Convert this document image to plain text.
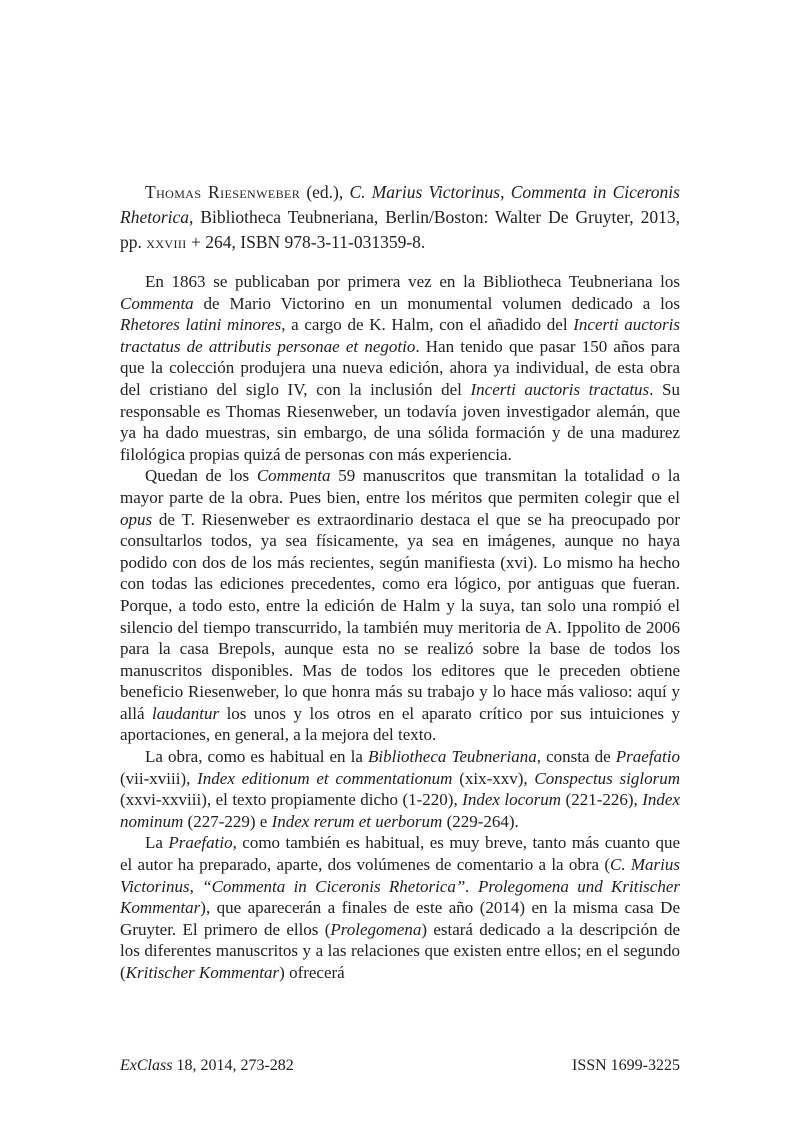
Thomas Riesenweber (ed.), C. Marius Victorinus, Commenta in Ciceronis Rhetorica, Bibliotheca Teubneriana, Berlin/Boston: Walter De Gruyter, 2013, pp. xxviii + 264, ISBN 978-3-11-031359-8.

En 1863 se publicaban por primera vez en la Bibliotheca Teubneriana los Commenta de Mario Victorino en un monumental volumen dedicado a los Rhetores latini minores, a cargo de K. Halm, con el añadido del Incerti auctoris tractatus de attributis personae et negotio. Han tenido que pasar 150 años para que la colección produjera una nueva edición, ahora ya individual, de esta obra del cristiano del siglo IV, con la inclusión del Incerti auctoris tractatus. Su responsable es Thomas Riesenweber, un todavía joven investigador alemán, que ya ha dado muestras, sin embargo, de una sólida formación y de una madurez filológica propias quizá de personas con más experiencia.

Quedan de los Commenta 59 manuscritos que transmitan la totalidad o la mayor parte de la obra. Pues bien, entre los méritos que permiten colegir que el opus de T. Riesenweber es extraordinario destaca el que se ha preocupado por consultarlos todos, ya sea físicamente, ya sea en imágenes, aunque no haya podido con dos de los más recientes, según manifiesta (xvi). Lo mismo ha hecho con todas las ediciones precedentes, como era lógico, por antiguas que fueran. Porque, a todo esto, entre la edición de Halm y la suya, tan solo una rompió el silencio del tiempo transcurrido, la también muy meritoria de A. Ippolito de 2006 para la casa Brepols, aunque esta no se realizó sobre la base de todos los manuscritos disponibles. Mas de todos los editores que le preceden obtiene beneficio Riesenweber, lo que honra más su trabajo y lo hace más valioso: aquí y allá laudantur los unos y los otros en el aparato crítico por sus intuiciones y aportaciones, en general, a la mejora del texto.

La obra, como es habitual en la Bibliotheca Teubneriana, consta de Praefatio (vii-xviii), Index editionum et commentationum (xix-xxv), Conspectus siglorum (xxvi-xxviii), el texto propiamente dicho (1-220), Index locorum (221-226), Index nominum (227-229) e Index rerum et uerborum (229-264).

La Praefatio, como también es habitual, es muy breve, tanto más cuanto que el autor ha preparado, aparte, dos volúmenes de comentario a la obra (C. Marius Victorinus, “Commenta in Ciceronis Rhetorica”. Prolegomena und Kritischer Kommentar), que aparecerán a finales de este año (2014) en la misma casa De Gruyter. El primero de ellos (Prolegomena) estará dedicado a la descripción de los diferentes manuscritos y a las relaciones que existen entre ellos; en el segundo (Kritischer Kommentar) ofrecerá

ExClass 18, 2014, 273-282	ISSN 1699-3225
